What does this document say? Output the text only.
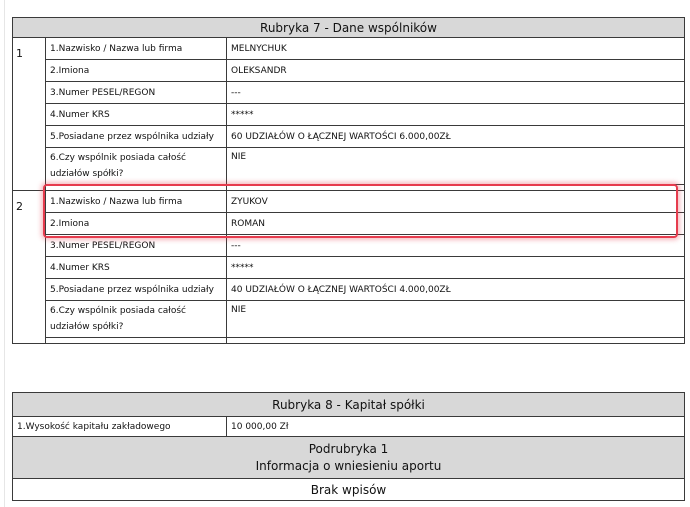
Rubryka 7 - Dane wspólników		
1	1.Nazwisko / Nazwa lub firma	MELNYCHUK
	2.Imiona	OLEKSANDR
	3.Numer PESEL/REGON	---
	4.Numer KRS	*****
	5.Posiadane przez wspólnika udziały	60 UDZIAŁÓW O ŁĄCZNEJ WARTOŚCI 6.000,00ZŁ
	6.Czy wspólnik posiada całość udziałów spółki?	NIE

2	1.Nazwisko / Nazwa lub firma	ZYUKOV
	2.Imiona	ROMAN
	3.Numer PESEL/REGON	---
	4.Numer KRS	*****
	5.Posiadane przez wspólnika udziały	40 UDZIAŁÓW O ŁĄCZNEJ WARTOŚCI 4.000,00ZŁ
	6.Czy wspólnik posiada całość udziałów spółki?	NIE

Rubryka 8 - Kapitał spółki
1.Wysokość kapitału zakładowego	10 000,00 Zł

Podrubryka 1
Informacja o wniesieniu aportu

Brak wpisów
